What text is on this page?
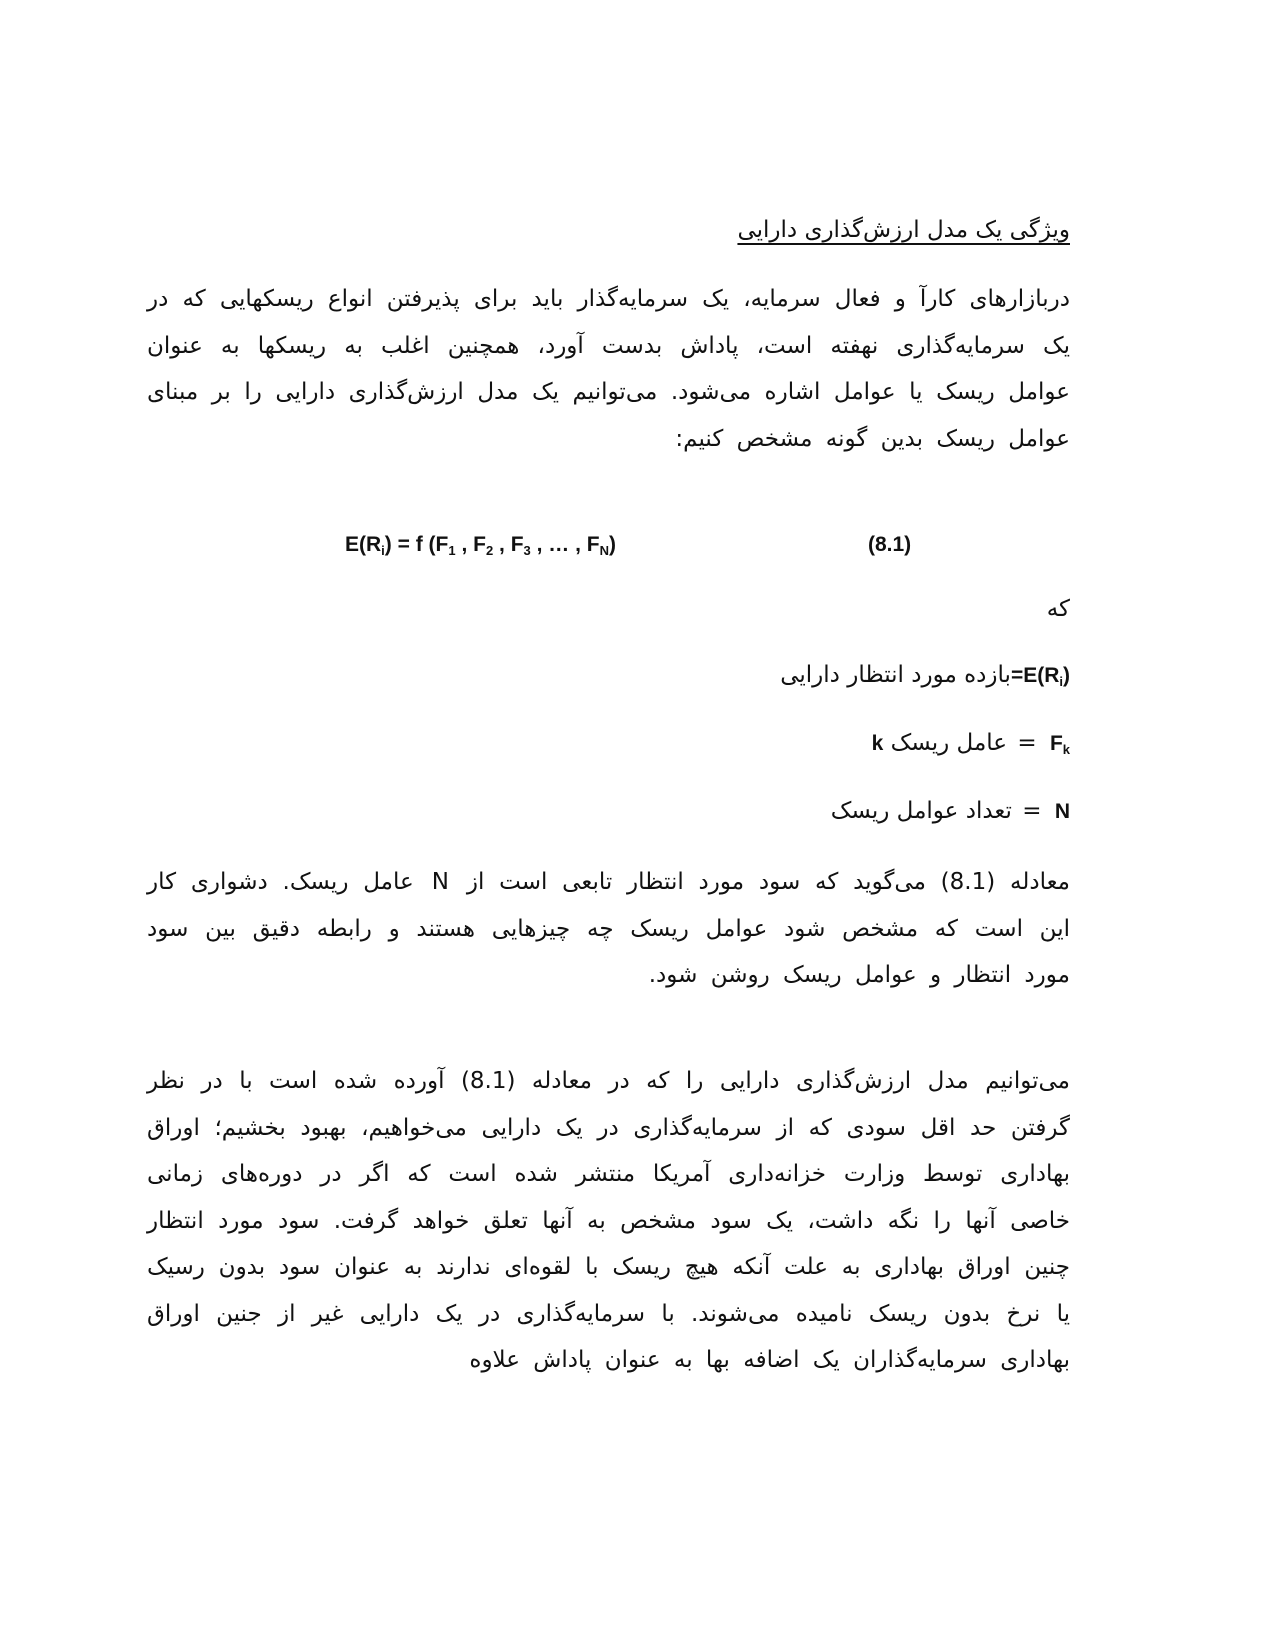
ویژگی یک مدل ارزش‌گذاری دارایی

دربازارهای کارآ و فعال سرمایه، یک سرمایه‌گذار باید برای پذیرفتن انواع ریسکهایی که در یک سرمایه‌گذاری نهفته است، پاداش بدست آورد، همچنین اغلب به ریسکها به عنوان عوامل ریسک یا عوامل اشاره می‌شود. می‌توانیم یک مدل ارزش‌گذاری دارایی را بر مبنای عوامل ریسک بدین گونه مشخص کنیم:

$E(R_i) = f$ ($F_1$ , $F_2$ , $F_3$ , … , $F_N$)	(8.1)
که
$E(R_i)=بازده$ مورد انتظار دارایی
$F_k$ = عامل ریسک k
N = تعداد عوامل ریسک

معادله (8.1) می‌گوید که سود مورد انتظار تابعی است از N عامل ریسک. دشواری کار این است که مشخص شود عوامل ریسک چه چیزهایی هستند و رابطه دقیق بین سود مورد انتظار و عوامل ریسک روشن شود.

می‌توانیم مدل ارزش‌گذاری دارایی را که در معادله (8.1) آورده شده است با در نظر گرفتن حد اقل سودی که از سرمایه‌گذاری در یک دارایی می‌خواهیم، بهبود بخشیم؛ اوراق بهاداری توسط وزارت خزانه‌داری آمریکا منتشر شده است که اگر در دوره‌های زمانی خاصی آنها را نگه داشت، یک سود مشخص به آنها تعلق خواهد گرفت. سود مورد انتظار چنین اوراق بهاداری به علت آنکه هیچ ریسک با لقوه‌ای ندارند به عنوان سود بدون رسیک یا نرخ بدون ریسک نامیده می‌شوند. با سرمایه‌گذاری در یک دارایی غیر از جنین اوراق بهاداری سرمایه‌گذاران یک اضافه بها به عنوان پاداش علاوه
